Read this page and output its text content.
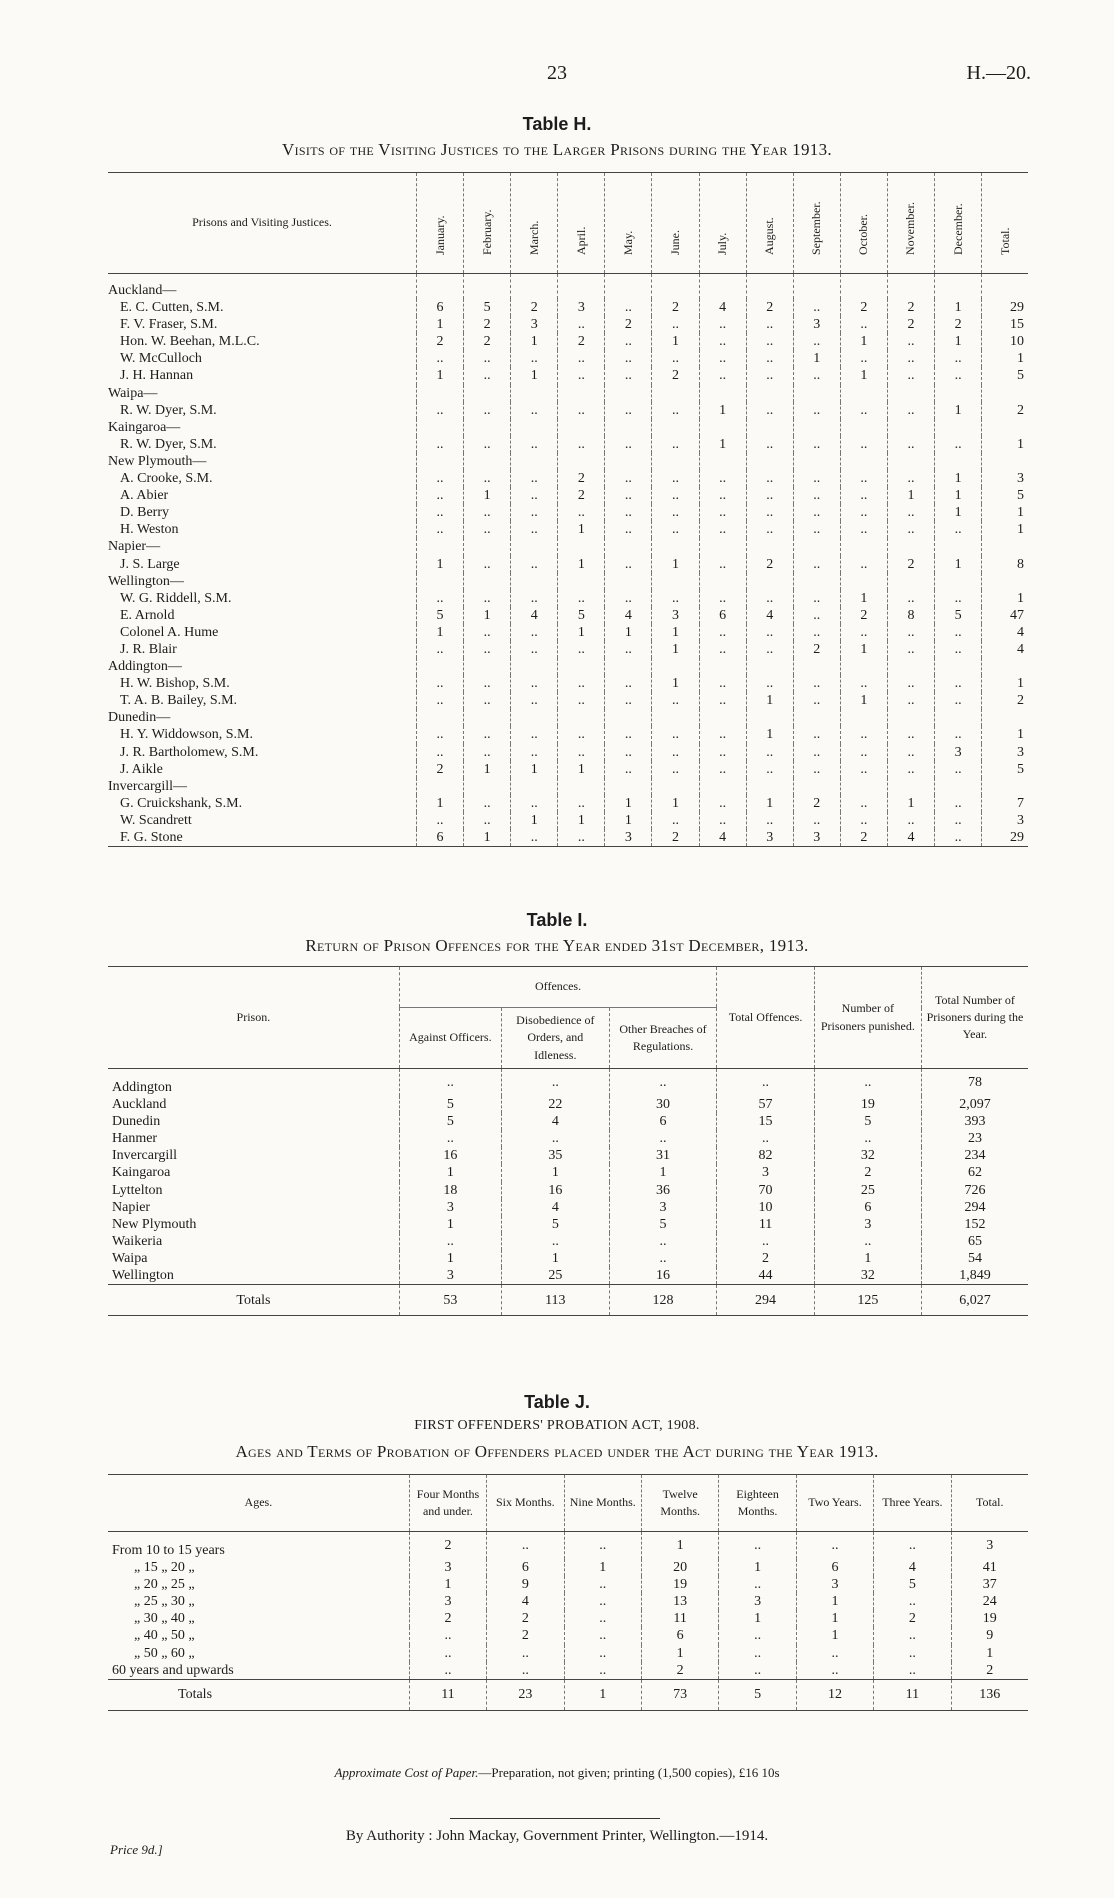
23	H.—20.
Table H.
Visits of the Visiting Justices to the Larger Prisons during the Year 1913.
Prisons and Visiting Justices.	January.	February.	March.	April.	May.	June.	July.	August.	September.	October.	November.	December.	Total.
Auckland—													
E. C. Cutten, S.M.	6	5	2	3	..	2	4	2	..	2	2	1	29
F. V. Fraser, S.M.	1	2	3	..	2	..	..	..	3	..	2	2	15
Hon. W. Beehan, M.L.C.	2	2	1	2	..	1	..	..	..	1	..	1	10
W. McCulloch	..	..	..	..	..	..	..	..	1	..	..	..	1
J. H. Hannan	1	..	1	..	..	2	..	..	..	1	..	..	5
Waipa—													
R. W. Dyer, S.M.	..	..	..	..	..	..	1	..	..	..	..	1	2
Kaingaroa—													
R. W. Dyer, S.M.	..	..	..	..	..	..	1	..	..	..	..	..	1
New Plymouth—													
A. Crooke, S.M.	..	..	..	2	..	..	..	..	..	..	..	1	3
A. Abier	..	1	..	2	..	..	..	..	..	..	1	1	5
D. Berry	..	..	..	..	..	..	..	..	..	..	..	1	1
H. Weston	..	..	..	1	..	..	..	..	..	..	..	..	1
Napier—													
J. S. Large	1	..	..	1	..	1	..	2	..	..	2	1	8
Wellington—													
W. G. Riddell, S.M.	..	..	..	..	..	..	..	..	..	1	..	..	1
E. Arnold	5	1	4	5	4	3	6	4	..	2	8	5	47
Colonel A. Hume	1	..	..	1	1	1	..	..	..	..	..	..	4
J. R. Blair	..	..	..	..	..	1	..	..	2	1	..	..	4
Addington—													
H. W. Bishop, S.M.	..	..	..	..	..	1	..	..	..	..	..	..	1
T. A. B. Bailey, S.M.	..	..	..	..	..	..	..	1	..	1	..	..	2
Dunedin—													
H. Y. Widdowson, S.M.	..	..	..	..	..	..	..	1	..	..	..	..	1
J. R. Bartholomew, S.M.	..	..	..	..	..	..	..	..	..	..	..	3	3
J. Aikle	2	1	1	1	..	..	..	..	..	..	..	..	5
Invercargill—													
G. Cruickshank, S.M.	1	..	..	..	1	1	..	1	2	..	1	..	7
W. Scandrett	..	..	1	1	1	..	..	..	..	..	..	..	3
F. G. Stone	6	1	..	..	3	2	4	3	3	2	4	..	29
Table I.
Return of Prison Offences for the Year ended 31st December, 1913.
Prison.	Offences.			Total Offences.	Number of Prisoners punished.	Total Number of Prisoners during the Year.
	Against Officers.	Disobedience of Orders, and Idleness.	Other Breaches of Regulations.			
Addington	..	..	..	..	..	78
Auckland	5	22	30	57	19	2,097
Dunedin	5	4	6	15	5	393
Hanmer	..	..	..	..	..	23
Invercargill	16	35	31	82	32	234
Kaingaroa	1	1	1	3	2	62
Lyttelton	18	16	36	70	25	726
Napier	3	4	3	10	6	294
New Plymouth	1	5	5	11	3	152
Waikeria	..	..	..	..	..	65
Waipa	1	1	..	2	1	54
Wellington	3	25	16	44	32	1,849
Totals	53	113	128	294	125	6,027
Table J.
FIRST OFFENDERS' PROBATION ACT, 1908.
Ages and Terms of Probation of Offenders placed under the Act during the Year 1913.
Ages.	Four Months and under.	Six Months.	Nine Months.	Twelve Months.	Eighteen Months.	Two Years.	Three Years.	Total.
From 10 to 15 years	2	..	..	1	..	..	..	3
„ 15 „ 20 „	3	6	1	20	1	6	4	41
„ 20 „ 25 „	1	9	..	19	..	3	5	37
„ 25 „ 30 „	3	4	..	13	3	1	..	24
„ 30 „ 40 „	2	2	..	11	1	1	2	19
„ 40 „ 50 „	..	2	..	6	..	1	..	9
„ 50 „ 60 „	..	..	..	1	..	..	..	1
60 years and upwards	..	..	..	2	..	..	..	2
Totals	11	23	1	73	5	12	11	136
Approximate Cost of Paper.—Preparation, not given; printing (1,500 copies), £16 10s
By Authority : John Mackay, Government Printer, Wellington.—1914.
Price 9d.]
